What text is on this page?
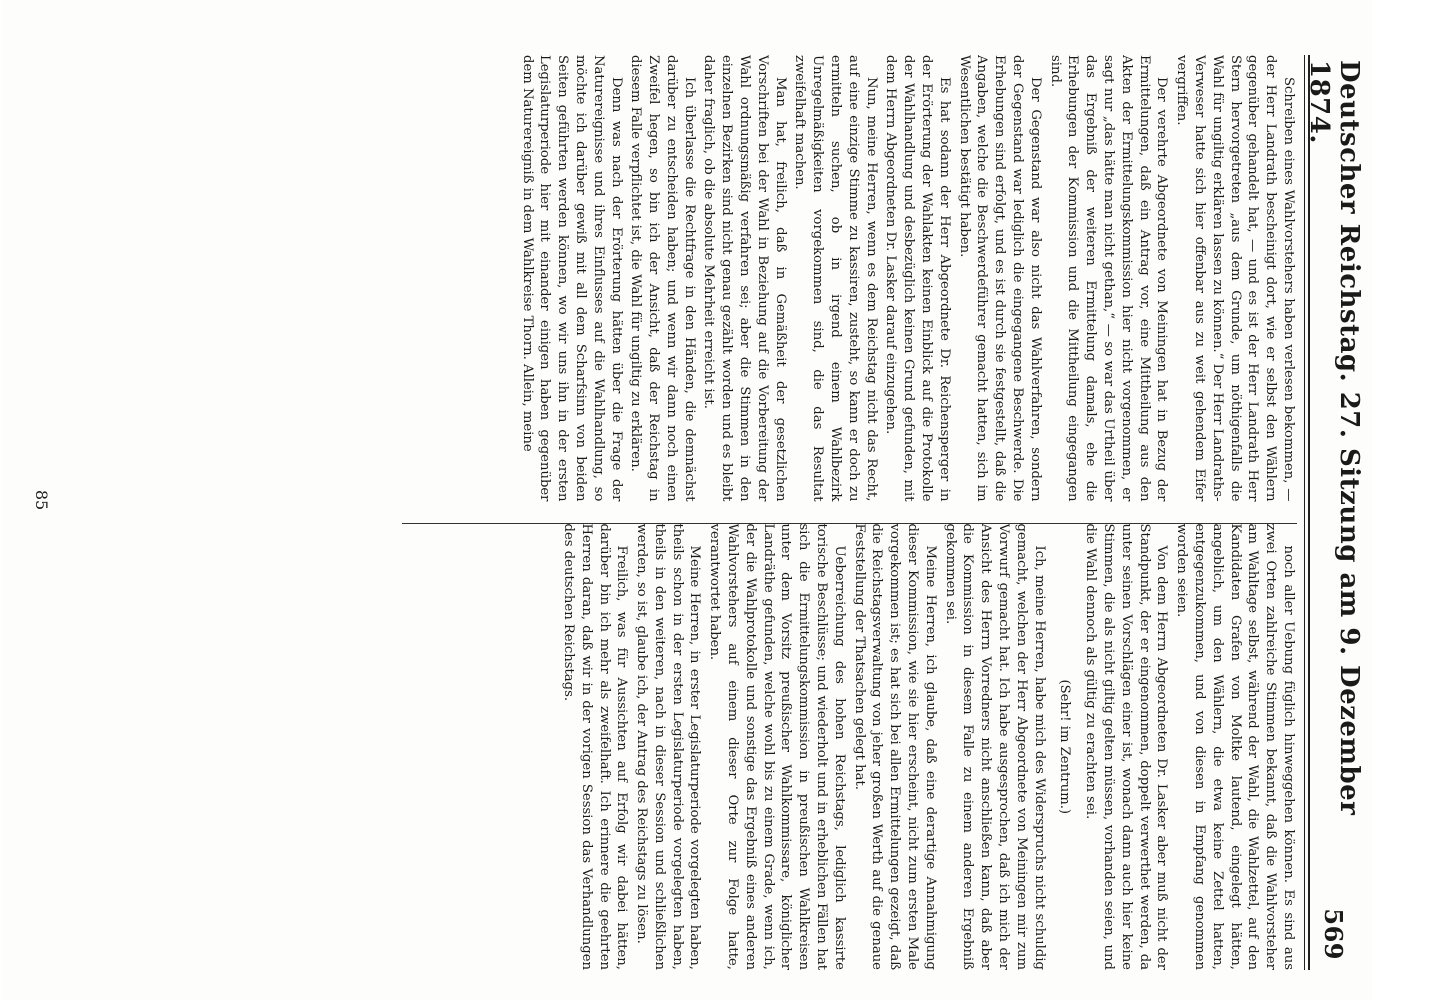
Deutscher Reichstag. 27. Sitzung am 9. Dezember 1874.
569

Schreiben eines Wahlvorstehers haben verlesen bekommen, — der Herr Landrath bescheinigt dort, wie er selbst den Wählern gegenüber gehandelt hat, — und es ist der Herr Landrath Herr Stern hervorgetreten „aus dem Grunde, um nöthigenfalls die Wahl für ungiltig erklären lassen zu können.“ Der Herr Landraths-Verweser hatte sich hier offenbar aus zu weit gehendem Eifer vergriffen.

Der verehrte Abgeordnete von Meiningen hat in Bezug der Ermittelungen, daß ein Antrag vor, eine Mittheilung aus den Akten der Ermittelungskommission hier nicht vorgenommen, er sagt nur „das hätte man nicht gethan,“ — so war das Urtheil über das Ergebniß der weiteren Ermittelung damals, ehe die Erhebungen der Kommission und die Mittheilung eingegangen sind.

Der Gegenstand war also nicht das Wahlverfahren, sondern der Gegenstand war lediglich die eingegangene Beschwerde. Die Erhebungen sind erfolgt, und es ist durch sie festgestellt, daß die Angaben, welche die Beschwerdeführer gemacht hatten, sich im Wesentlichen bestätigt haben.

Es hat sodann der Herr Abgeordnete Dr. Reichensperger in der Erörterung der Wahlakten keinen Einblick auf die Protokolle der Wahlhandlung und desbezüglich keinen Grund gefunden, mit dem Herrn Abgeordneten Dr. Lasker darauf einzugehen.

Nun, meine Herren, wenn es dem Reichstag nicht das Recht, auf eine einzige Stimme zu kassiren, zusteht, so kann er doch zu ermitteln suchen, ob in irgend einem Wahlbezirk Unregelmäßigkeiten vorgekommen sind, die das Resultat zweifelhaft machen.

Man hat, freilich, daß in Gemäßheit der gesetzlichen Vorschriften bei der Wahl in Beziehung auf die Vorbereitung der Wahl ordnungsmäßig verfahren sei; aber die Stimmen in den einzelnen Bezirken sind nicht genau gezählt worden und es bleibt daher fraglich, ob die absolute Mehrheit erreicht ist.

Ich überlasse die Rechtfrage in den Händen, die demnächst darüber zu entscheiden haben; und wenn wir dann noch einen Zweifel hegen, so bin ich der Ansicht, daß der Reichstag in diesem Falle verpflichtet ist, die Wahl für ungiltig zu erklären.

Denn was nach der Erörterung hätten über die Frage der Naturereignisse und ihres Einflusses auf die Wahlhandlung, so möchte ich darüber gewiß mit all dem Scharfsinn von beiden Seiten geführten werden können, wo wir uns ihn in der ersten Legislaturperiode hier mit einander einigen haben gegenüber dem Naturereigniß in dem Wahlkreise Thorn. Allein, meine

noch aller Uebung füglich hinweggehen können. Es sind aus zwei Orten zahlreiche Stimmen bekannt, daß die Wahlvorsteher am Wahltage selbst, während der Wahl, die Wahlzettel, auf den Kandidaten Grafen von Moltke lautend, eingelegt hätten, angeblich, um den Wählern, die etwa keine Zettel hatten, entgegenzukommen, und von diesen in Empfang genommen worden seien.

Von dem Herrn Abgeordneten Dr. Lasker aber muß nicht der Standpunkt, der er eingenommen, doppelt verwerthet werden, da unter seinen Vorschlägen einer ist, wonach dann auch hier keine Stimmen, die als nicht giltig gelten müssen, vorhanden seien, und die Wahl dennoch als gültig zu erachten sei.

(Sehr! im Zentrum.)

Ich, meine Herren, habe mich des Widerspruchs nicht schuldig gemacht, welchen der Herr Abgeordnete von Meiningen mir zum Vorwurf gemacht hat. Ich habe ausgesprochen, daß ich mich der Ansicht des Herrn Vorredners nicht anschließen kann, daß aber die Kommission in diesem Falle zu einem anderen Ergebniß gekommen sei.

Meine Herren, ich glaube, daß eine derartige Annahmigung dieser Kommission, wie sie hier erscheint, nicht zum ersten Male vorgekommen ist; es hat sich bei allen Ermittelungen gezeigt, daß die Reichstagsverwaltung von jeher großen Werth auf die genaue Feststellung der Thatsachen gelegt hat.

Ueberreichung des hohen Reichstags, lediglich kassirte torische Beschlüsse; und wiederholt und in erheblichen Fällen hat sich die Ermittelungskommission in preußischen Wahlkreisen unter dem Vorsitz preußischer Wahlkommissare, königlicher Landräthe gefunden, welche wohl bis zu einem Grade, wenn ich, der die Wahlprotokolle und sonstige das Ergebniß eines anderen Wahlvorstehers auf einem dieser Orte zur Folge hatte, verantwortet haben.

Meine Herren, in erster Legislaturperiode vorgelegten haben, theils schon in der ersten Legislaturperiode vorgelegten haben, theils in den weiteren, nach in dieser Session und schließlichen werden, so ist, glaube ich, der Antrag des Reichstags zu lösen.

Freilich, was für Aussichten auf Erfolg wir dabei hätten, darüber bin ich mehr als zweifelhaft. Ich erinnere die geehrten Herren daran, daß wir in der vorigen Session das Verhandlungen des deutschen Reichstags.

85
